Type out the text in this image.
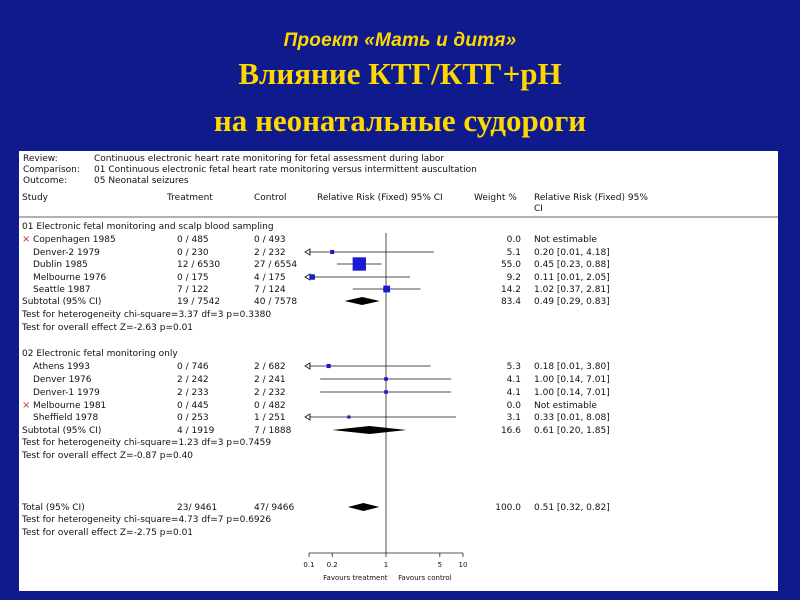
Проект «Мать и дитя»
Влияние КТГ/КТГ+рН
на неонатальные судороги
Review:	Continuous electronic heart rate monitoring for fetal assessment during labor
Comparison: 01 Continuous electronic fetal heart rate monitoring versus intermittent auscultation
Outcome:	05 Neonatal seizures
Study	Treatment	Control	Relative Risk (Fixed) 95% CI	Weight % Relative Risk (Fixed) 95%
CI
01 Electronic fetal monitoring and scalp blood sampling
× Copenhagen 1985	0 / 485	0 / 493	0.0 Not estimable
Denver-2 1979	0 / 230	2 / 232	5.1 0.20 [0.01, 4.18]
Dublin 1985	12 / 6530	27 / 6554	55.0 0.45 [0.23, 0.88]
Melbourne 1976	0 / 175	4 / 175	9.2 0.11 [0.01, 2.05]
Seattle 1987	7 / 122	7 / 124	14.2 1.02 [0.37, 2.81]
Subtotal (95% CI)	19 / 7542	40 / 7578	83.4 0.49 [0.29, 0.83]
Test for heterogeneity chi-square=3.37 df=3 p=0.3380
Test for overall effect Z=-2.63 p=0.01
02 Electronic fetal monitoring only
Athens 1993	0 / 746	2 / 682	5.3 0.18 [0.01, 3.80]
Denver 1976	2 / 242	2 / 241	4.1 1.00 [0.14, 7.01]
Denver-1 1979	2 / 233	2 / 232	4.1 1.00 [0.14, 7.01]
× Melbourne 1981	0 / 445	0 / 482	0.0 Not estimable
Sheffield 1978	0 / 253	1 / 251	3.1 0.33 [0.01, 8.08]
Subtotal (95% CI)	4 / 1919	7 / 1888	16.6 0.61 [0.20, 1.85]
Test for heterogeneity chi-square=1.23 df=3 p=0.7459
Test for overall effect Z=-0.87 p=0.40
Total (95% CI)	23/ 9461	47/ 9466	100.0 0.51 [0.32, 0.82]
Test for heterogeneity chi-square=4.73 df=7 p=0.6926
Test for overall effect Z=-2.75 p=0.01
0.1 0.2	1	5 10
Favours treatment Favours control
